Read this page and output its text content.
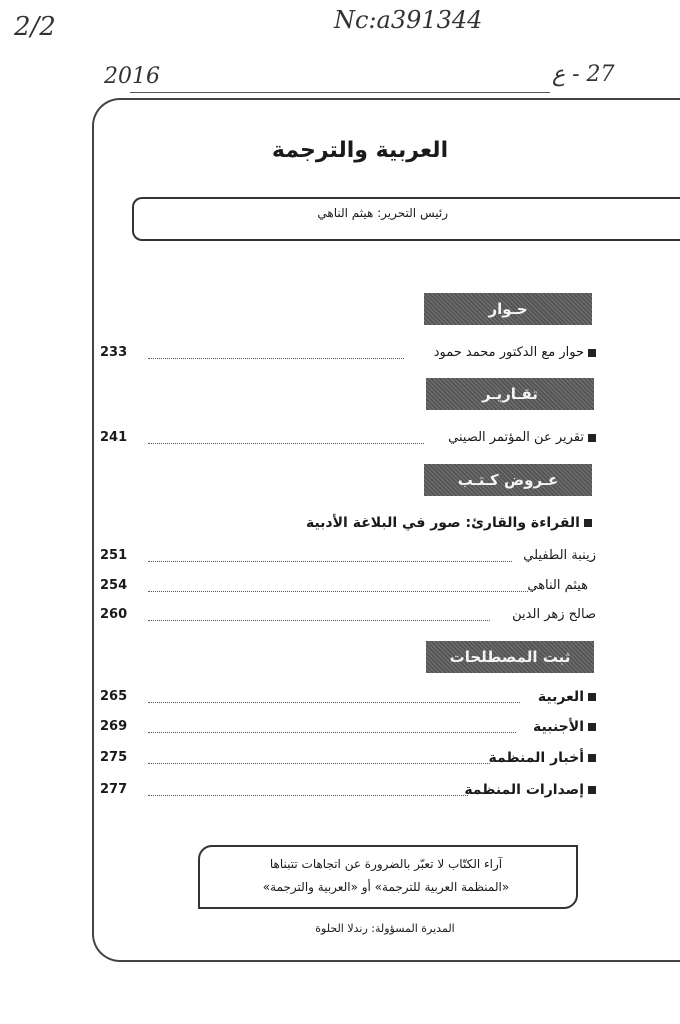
2/2	Nc:a391344
2016	27 - ع
العربية والترجمة
رئيس التحرير: هيثم الناهي
حـوار
233	حوار مع الدكتور محمد حمود
تقـاريـر
241	تقرير عن المؤتمر الصيني
عـروض كـتـب
القراءة والقارئ: صور في البلاغة الأدبية
251	زينبة الطفيلي
254	هيثم الناهي
260	صالح زهر الدين
ثبت المصطلحات
265	العربية
269	الأجنبية
275	أخبار المنظمة
277	إصدارات المنظمة
آراء الكتّاب لا تعبّر بالضرورة عن اتجاهات تتبناها
«المنظمة العربية للترجمة» أو «العربية والترجمة»
المديرة المسؤولة: رندلا الحلوة
